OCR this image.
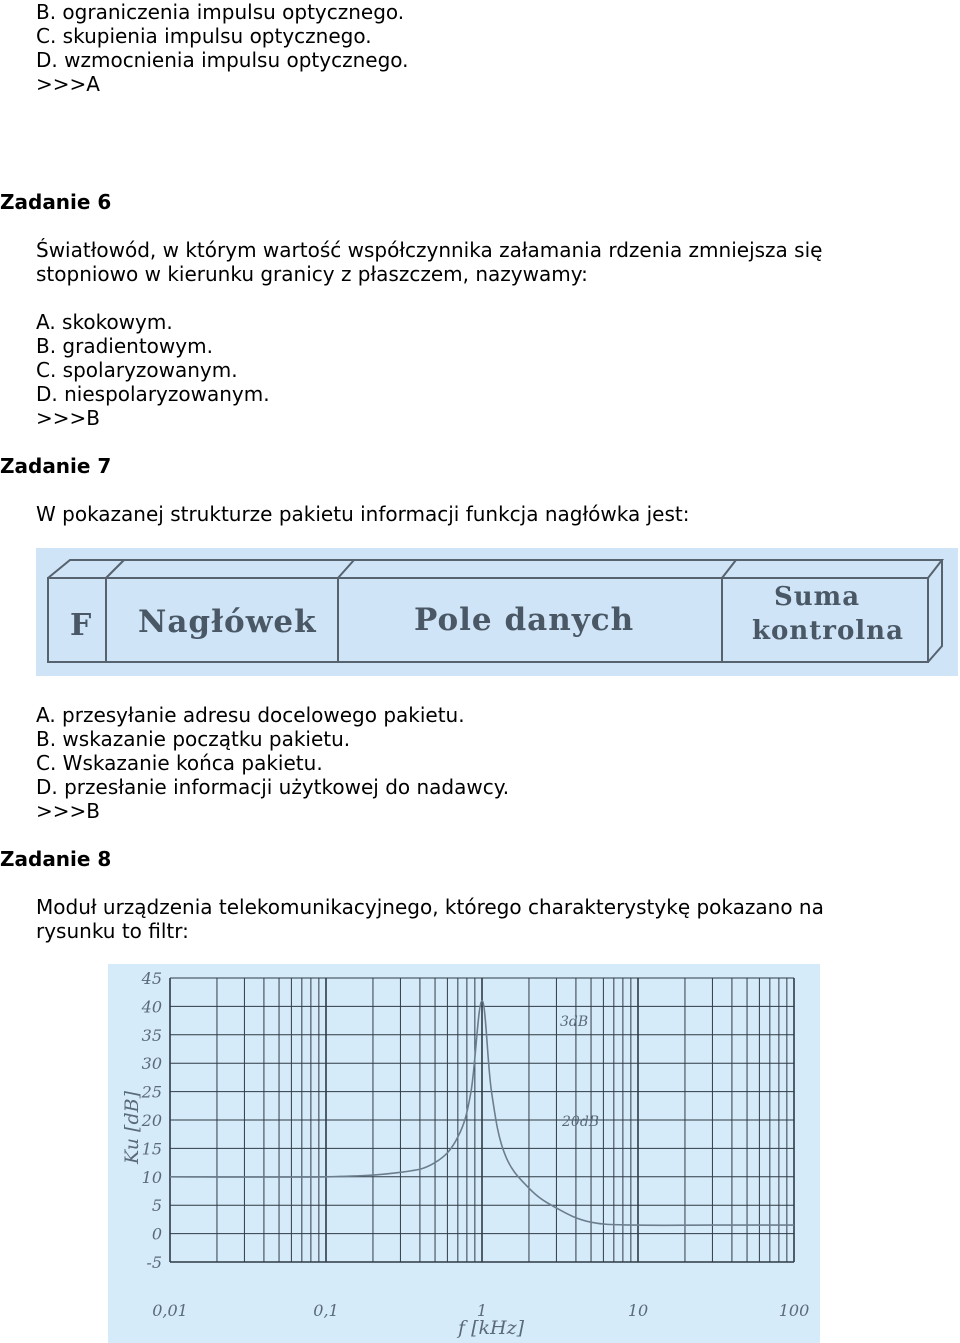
B. ograniczenia impulsu optycznego.
C. skupienia impulsu optycznego.
D. wzmocnienia impulsu optycznego.
>>>A
Zadanie 6
Światłowód, w którym wartość współczynnika załamania rdzenia zmniejsza się
stopniowo w kierunku granicy z płaszczem, nazywamy:
A. skokowym.
B. gradientowym.
C. spolaryzowanym.
D. niespolaryzowanym.
>>>B
Zadanie 7
W pokazanej strukturze pakietu informacji funkcja nagłówka jest:
F Nagłówek	Pole danych
Suma
kontrolna
A. przesyłanie adresu docelowego pakietu.
B. wskazanie początku pakietu.
C. Wskazanie końca pakietu.
D. przesłanie informacji użytkowej do nadawcy.
>>>B
Zadanie 8
Moduł urządzenia telekomunikacyjnego, którego charakterystykę pokazano na
rysunku to filtr:
-5
0
5
10
15
20
25
30
35
40
45
0,01	0,1	1	10	100
3dB
20dB
Ku [dB]
f [kHz]
